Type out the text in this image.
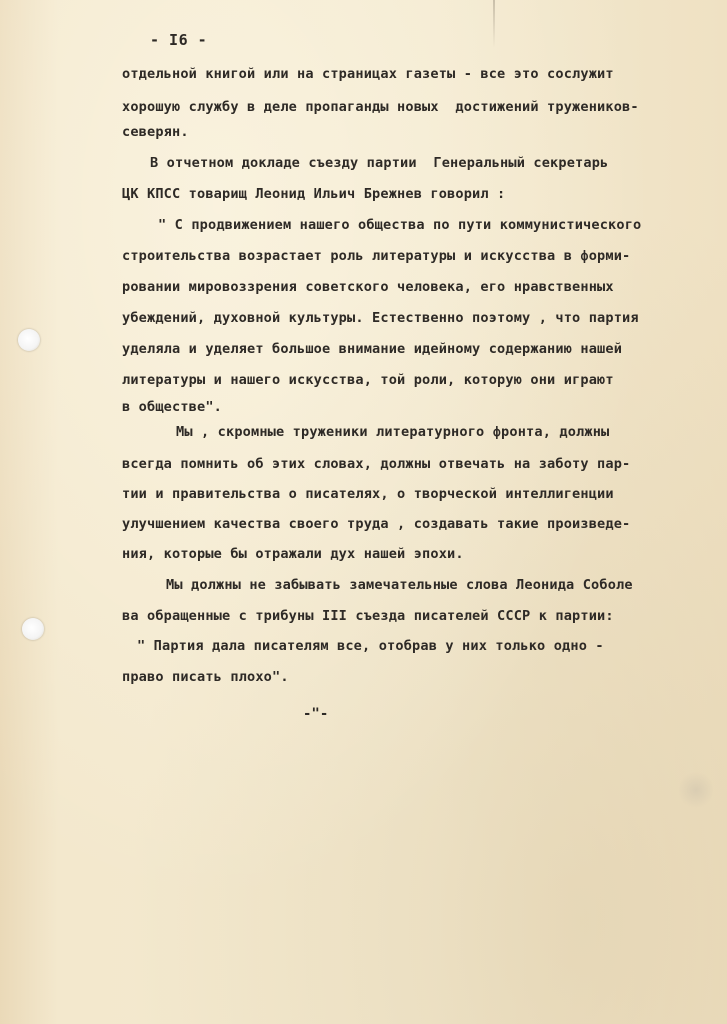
- I6 -
отдельной книгой или на страницах газеты - все это сослужит
хорошую службу в деле пропаганды новых  достижений тружеников-
северян.
В отчетном докладе съезду партии  Генеральный секретарь
ЦК КПСС товарищ Леонид Ильич Брежнев говорил :
" С продвижением нашего общества по пути коммунистического
строительства возрастает роль литературы и искусства в форми-
ровании мировоззрения советского человека, его нравственных
убеждений, духовной культуры. Естественно поэтому , что партия
уделяла и уделяет большое внимание идейному содержанию нашей
литературы и нашего искусства, той роли, которую они играют
в обществе".
Мы , скромные труженики литературного фронта, должны
всегда помнить об этих словах, должны отвечать на заботу пар-
тии и правительства о писателях, о творческой интеллигенции
улучшением качества своего труда , создавать такие произведе-
ния, которые бы отражали дух нашей эпохи.
Мы должны не забывать замечательные слова Леонида Соболе
ва обращенные с трибуны III съезда писателей СССР к партии:
" Партия дала писателям все, отобрав у них только одно -
право писать плохо".
-"-
